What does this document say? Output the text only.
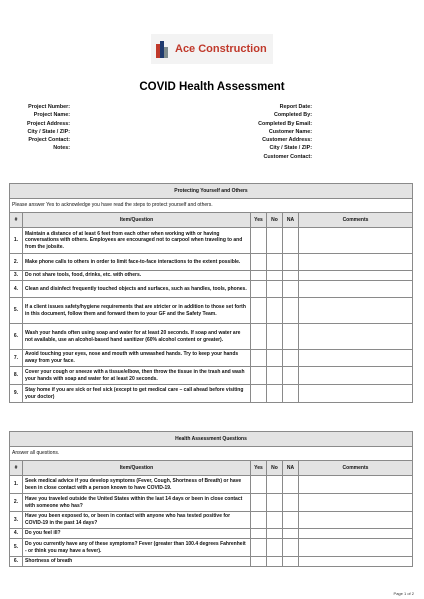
Ace Construction
COVID Health Assessment
Project Number:
Project Name:
Project Address:
City / State / ZIP:
Project Contact:
Notes:
Report Date:
Completed By:
Completed By Email:
Customer Name:
Customer Address:
City / State / ZIP:
Customer Contact:
Protecting Yourself and Others					
Please answer Yes to acknowledge you have read the steps to protect yourself and others.					
#	Item/Question	Yes	No	NA	Comments
1.	Maintain a distance of at least 6 feet from each other when working with or having conversations with others. Employees are encouraged not to carpool when traveling to and from the jobsite.				
2.	Make phone calls to others in order to limit face-to-face interactions to the extent possible.				
3.	Do not share tools, food, drinks, etc. with others.				
4.	Clean and disinfect frequently touched objects and surfaces, such as handles, tools, phones.				
5.	If a client issues safety/hygiene requirements that are stricter or in addition to those set forth in this document, follow them and forward them to your GF and the Safety Team.				
6.	Wash your hands often using soap and water for at least 20 seconds. If soap and water are not available, use an alcohol-based hand sanitizer (60% alcohol content or greater).				
7.	Avoid touching your eyes, nose and mouth with unwashed hands. Try to keep your hands away from your face.				
8.	Cover your cough or sneeze with a tissue/elbow, then throw the tissue in the trash and wash your hands with soap and water for at least 20 seconds.				
9.	Stay home if you are sick or feel sick (except to get medical care – call ahead before visiting your doctor)				
Health Assessment Questions					
Answer all questions.					
#	Item/Question	Yes	No	NA	Comments
1.	Seek medical advice if you develop symptoms (Fever, Cough, Shortness of Breath) or have been in close contact with a person known to have COVID-19.				
2.	Have you traveled outside the United States within the last 14 days or been in close contact with someone who has?				
3.	Have you been exposed to, or been in contact with anyone who has tested positive for COVID-19 in the past 14 days?				
4.	Do you feel ill?				
5.	Do you currently have any of these symptoms? Fever (greater than 100.4 degrees Fahrenheit - or think you may have a fever).				
6.	Shortness of breath				
Page 1 of 2
